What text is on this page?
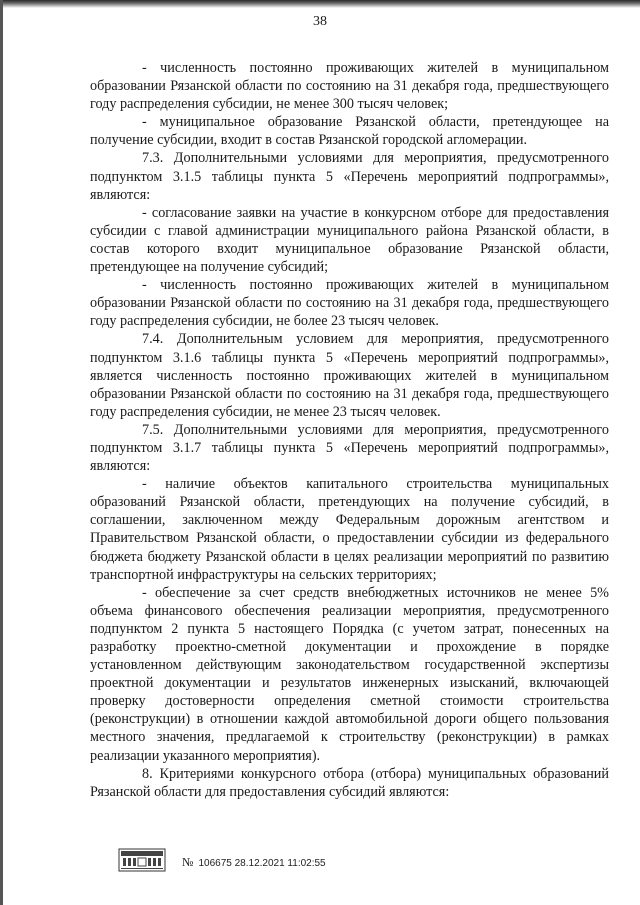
38

- численность постоянно проживающих жителей в муниципальном образовании Рязанской области по состоянию на 31 декабря года, предшествующего году распределения субсидии, не менее 300 тысяч человек;

- муниципальное образование Рязанской области, претендующее на получение субсидии, входит в состав Рязанской городской агломерации.

7.3. Дополнительными условиями для мероприятия, предусмотренного подпунктом 3.1.5 таблицы пункта 5 «Перечень мероприятий подпрограммы», являются:

- согласование заявки на участие в конкурсном отборе для предоставления субсидии с главой администрации муниципального района Рязанской области, в состав которого входит муниципальное образование Рязанской области, претендующее на получение субсидий;

- численность постоянно проживающих жителей в муниципальном образовании Рязанской области по состоянию на 31 декабря года, предшествующего году распределения субсидии, не более 23 тысяч человек.

7.4. Дополнительным условием для мероприятия, предусмотренного подпунктом 3.1.6 таблицы пункта 5 «Перечень мероприятий подпрограммы», является численность постоянно проживающих жителей в муниципальном образовании Рязанской области по состоянию на 31 декабря года, предшествующего году распределения субсидии, не менее 23 тысяч человек.

7.5. Дополнительными условиями для мероприятия, предусмотренного подпунктом 3.1.7 таблицы пункта 5 «Перечень мероприятий подпрограммы», являются:

- наличие объектов капитального строительства муниципальных образований Рязанской области, претендующих на получение субсидий, в соглашении, заключенном между Федеральным дорожным агентством и Правительством Рязанской области, о предоставлении субсидии из федерального бюджета бюджету Рязанской области в целях реализации мероприятий по развитию транспортной инфраструктуры на сельских территориях;

- обеспечение за счет средств внебюджетных источников не менее 5% объема финансового обеспечения реализации мероприятия, предусмотренного подпунктом 2 пункта 5 настоящего Порядка (с учетом затрат, понесенных на разработку проектно-сметной документации и прохождение в порядке установленном действующим законодательством государственной экспертизы проектной документации и результатов инженерных изысканий, включающей проверку достоверности определения сметной стоимости строительства (реконструкции) в отношении каждой автомобильной дороги общего пользования местного значения, предлагаемой к строительству (реконструкции) в рамках реализации указанного мероприятия).

8. Критериями конкурсного отбора (отбора) муниципальных образований Рязанской области для предоставления субсидий являются:

№ 106675
28.12.2021 11:02:55
